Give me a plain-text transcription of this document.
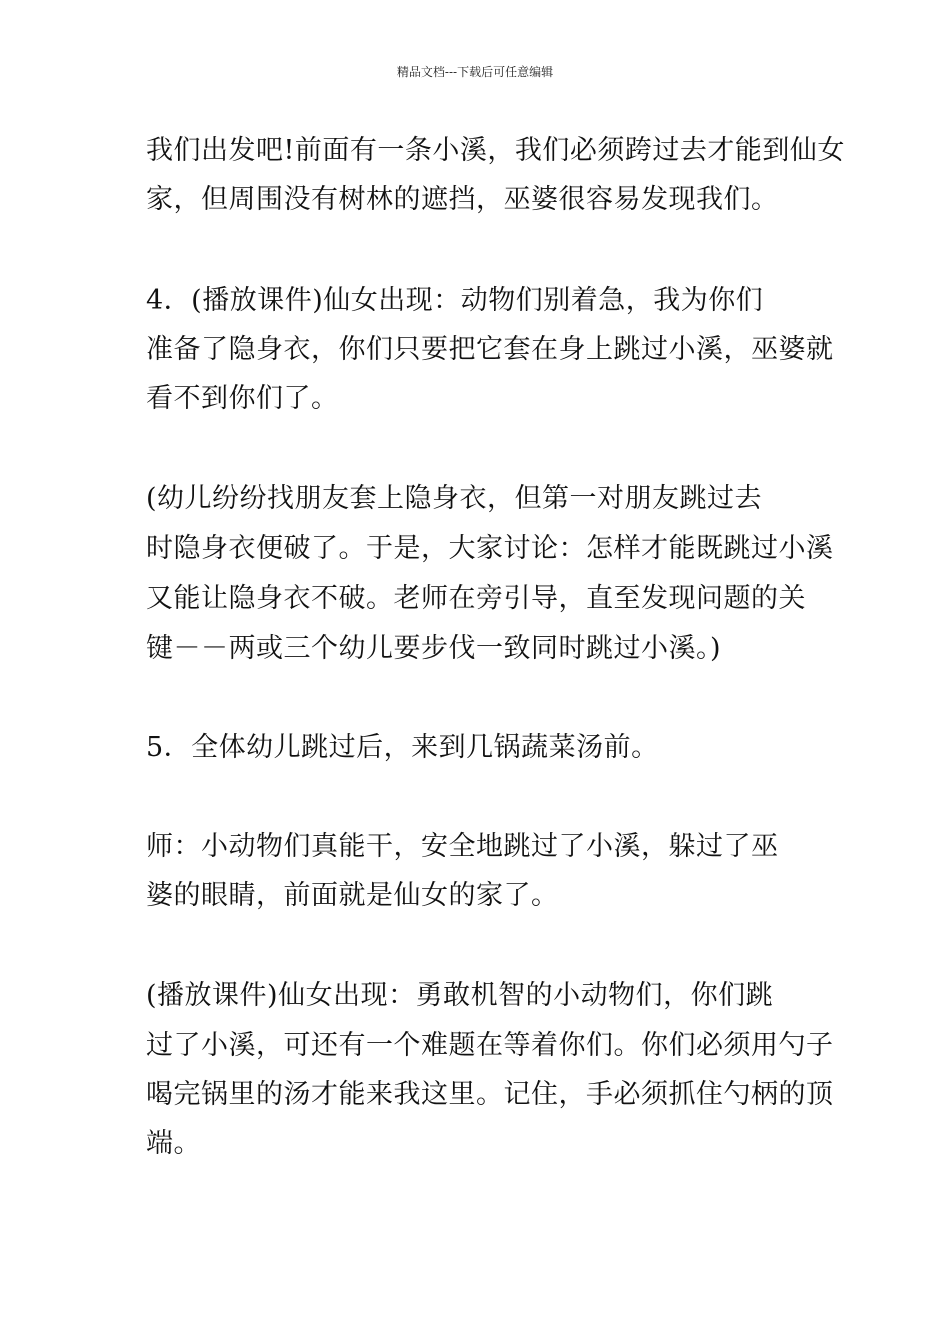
精品文档---下载后可任意编辑
我们出发吧!前面有一条小溪，我们必须跨过去才能到仙女
家，但周围没有树林的遮挡，巫婆很容易发现我们。
4．(播放课件)仙女出现：动物们别着急，我为你们
准备了隐身衣，你们只要把它套在身上跳过小溪，巫婆就
看不到你们了。
(幼儿纷纷找朋友套上隐身衣，但第一对朋友跳过去
时隐身衣便破了。于是，大家讨论：怎样才能既跳过小溪
又能让隐身衣不破。老师在旁引导，直至发现问题的关
键－－两或三个幼儿要步伐一致同时跳过小溪。)
5．全体幼儿跳过后，来到几锅蔬菜汤前。
师：小动物们真能干，安全地跳过了小溪，躲过了巫
婆的眼睛，前面就是仙女的家了。
(播放课件)仙女出现：勇敢机智的小动物们，你们跳
过了小溪，可还有一个难题在等着你们。你们必须用勺子
喝完锅里的汤才能来我这里。记住，手必须抓住勺柄的顶
端。
